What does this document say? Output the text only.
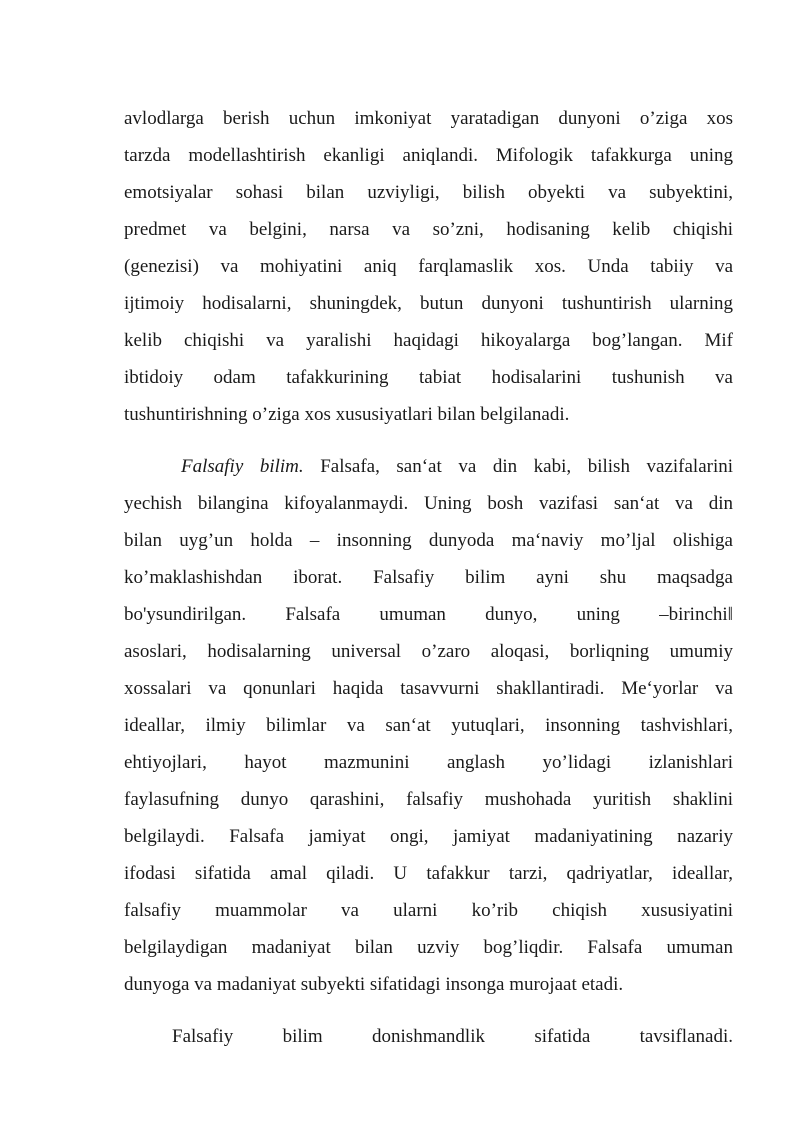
avlodlarga berish uchun imkoniyat yaratadigan dunyoni o’ziga xos
tarzda modellashtirish ekanligi aniqlandi. Mifologik tafakkurga uning
emotsiyalar sohasi bilan uzviyligi, bilish obyekti va subyektini,
predmet va belgini, narsa va so’zni, hodisaning kelib chiqishi
(genezisi) va mohiyatini aniq farqlamaslik xos. Unda tabiiy va
ijtimoiy hodisalarni, shuningdek, butun dunyoni tushuntirish ularning
kelib chiqishi va yaralishi haqidagi hikoyalarga bog’langan. Mif
ibtidoiy odam tafakkurining tabiat hodisalarini tushunish va
tushuntirishning o’ziga xos xususiyatlari bilan belgilanadi.
Falsafiy bilim. Falsafa, san‘at va din kabi, bilish vazifalarini
yechish bilangina kifoyalanmaydi. Uning bosh vazifasi san‘at va din
bilan uyg’un holda – insonning dunyoda ma‘naviy mo’ljal olishiga
ko’maklashishdan iborat. Falsafiy bilim ayni shu maqsadga
bo'ysundirilgan. Falsafa umuman dunyo, uning –birinchi‖
asoslari, hodisalarning universal o’zaro aloqasi, borliqning umumiy
xossalari va qonunlari haqida tasavvurni shakllantiradi. Me‘yorlar va
ideallar, ilmiy bilimlar va san‘at yutuqlari, insonning tashvishlari,
ehtiyojlari, hayot mazmunini anglash yo’lidagi izlanishlari
faylasufning dunyo qarashini, falsafiy mushohada yuritish shaklini
belgilaydi. Falsafa jamiyat ongi, jamiyat madaniyatining nazariy
ifodasi sifatida amal qiladi. U tafakkur tarzi, qadriyatlar, ideallar,
falsafiy muammolar va ularni ko’rib chiqish xususiyatini
belgilaydigan madaniyat bilan uzviy bog’liqdir. Falsafa umuman
dunyoga va madaniyat subyekti sifatidagi insonga murojaat etadi.
Falsafiy bilim donishmandlik sifatida tavsiflanadi.
